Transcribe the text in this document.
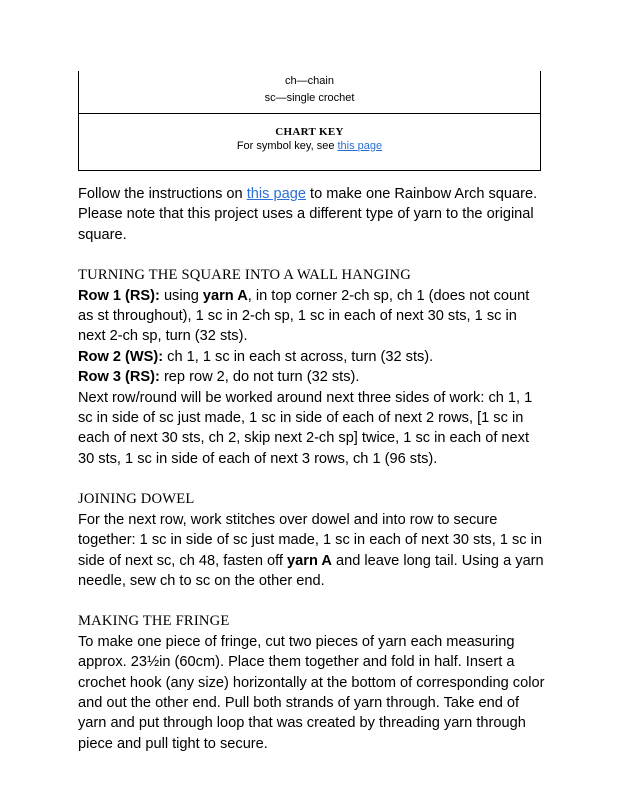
ch—chain
sc—single crochet
CHART KEY
For symbol key, see this page

Follow the instructions on this page to make one Rainbow Arch square. Please note that this project uses a different type of yarn to the original square.

TURNING THE SQUARE INTO A WALL HANGING

Row 1 (RS): using yarn A, in top corner 2-ch sp, ch 1 (does not count as st throughout), 1 sc in 2-ch sp, 1 sc in each of next 30 sts, 1 sc in next 2-ch sp, turn (32 sts).

Row 2 (WS): ch 1, 1 sc in each st across, turn (32 sts).

Row 3 (RS): rep row 2, do not turn (32 sts).

Next row/round will be worked around next three sides of work: ch 1, 1 sc in side of sc just made, 1 sc in side of each of next 2 rows, [1 sc in each of next 30 sts, ch 2, skip next 2-ch sp] twice, 1 sc in each of next 30 sts, 1 sc in side of each of next 3 rows, ch 1 (96 sts).

JOINING DOWEL

For the next row, work stitches over dowel and into row to secure together: 1 sc in side of sc just made, 1 sc in each of next 30 sts, 1 sc in side of next sc, ch 48, fasten off yarn A and leave long tail. Using a yarn needle, sew ch to sc on the other end.

MAKING THE FRINGE

To make one piece of fringe, cut two pieces of yarn each measuring approx. 23½in (60cm). Place them together and fold in half. Insert a crochet hook (any size) horizontally at the bottom of corresponding color and out the other end. Pull both strands of yarn through. Take end of yarn and put through loop that was created by threading yarn through piece and pull tight to secure.
